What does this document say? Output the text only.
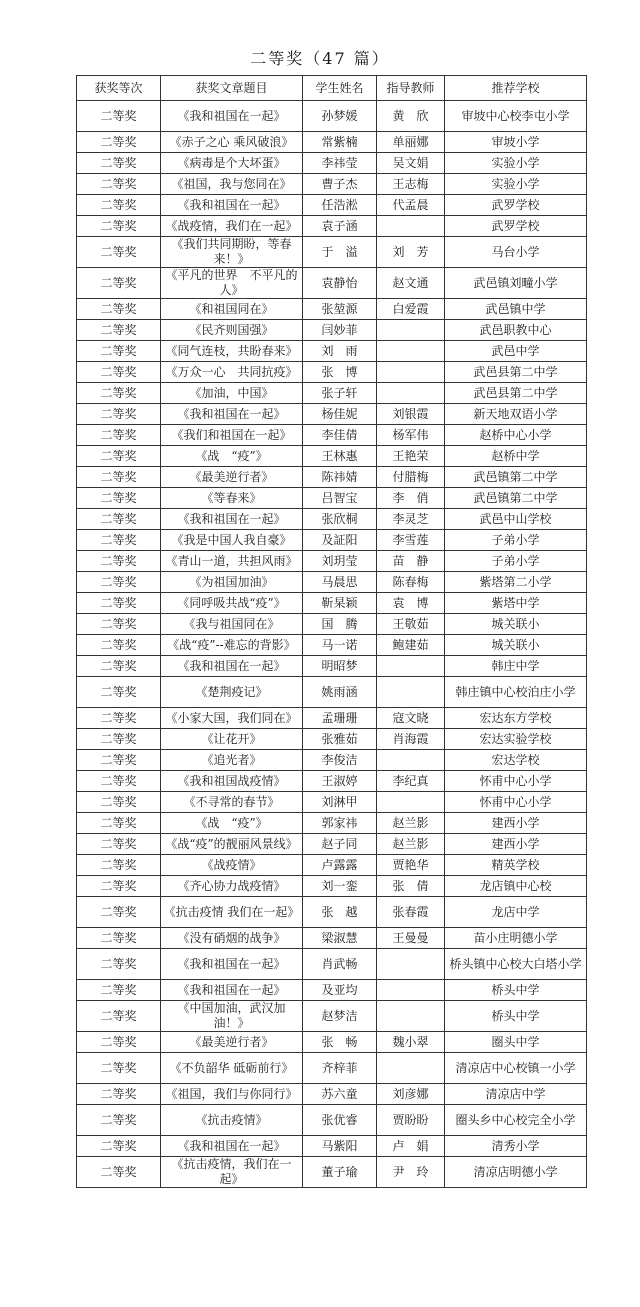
二等奖（47 篇）
获奖等次	获奖文章题目	学生姓名	指导教师	推荐学校
二等奖	《我和祖国在一起》	孙梦媛	黄　欣	审坡中心校李屯小学
二等奖	《赤子之心 乘风破浪》	常紫楠	单丽娜	审坡小学
二等奖	《病毒是个大坏蛋》	李祎莹	吴文娟	实验小学
二等奖	《祖国，我与您同在》	曹子杰	王志梅	实验小学
二等奖	《我和祖国在一起》	任浩淞	代孟晨	武罗学校
二等奖	《战疫情，我们在一起》	袁子涵		武罗学校
二等奖	《我们共同期盼，等春来！》	于　溢	刘　芳	马台小学
二等奖	《平凡的世界　不平凡的人》	袁静怡	赵文通	武邑镇刘疃小学
二等奖	《和祖国同在》	张堃源	白爱霞	武邑镇中学
二等奖	《民齐则国强》	闫妙菲		武邑职教中心
二等奖	《同气连枝，共盼春来》	刘　雨		武邑中学
二等奖	《万众一心　共同抗疫》	张　博		武邑县第二中学
二等奖	《加油，中国》	张子轩		武邑县第二中学
二等奖	《我和祖国在一起》	杨佳妮	刘银霞	新天地双语小学
二等奖	《我们和祖国在一起》	李佳倩	杨军伟	赵桥中心小学
二等奖	《战　“疫”》	王林惠	王艳荣	赵桥中学
二等奖	《最美逆行者》	陈祎婧	付腊梅	武邑镇第二中学
二等奖	《等春来》	吕智宝	李　俏	武邑镇第二中学
二等奖	《我和祖国在一起》	张欣桐	李灵芝	武邑中山学校
二等奖	《我是中国人我自豪》	及証阳	李雪莲	子弟小学
二等奖	《青山一道，共担风雨》	刘玥莹	苗　静	子弟小学
二等奖	《为祖国加油》	马晨思	陈春梅	紫塔第二小学
二等奖	《同呼吸共战“疫”》	靳杲颖	袁　博	紫塔中学
二等奖	《我与祖国同在》	国　腾	王敬茹	城关联小
二等奖	《战“疫”--难忘的背影》	马一诺	鲍建茹	城关联小
二等奖	《我和祖国在一起》	明昭梦		韩庄中学
二等奖	《楚荆疫记》	姚雨涵		韩庄镇中心校泊庄小学
二等奖	《小家大国，我们同在》	孟珊珊	寇文晓	宏达东方学校
二等奖	《让花开》	张雅茹	肖海霞	宏达实验学校
二等奖	《追光者》	李俊洁		宏达学校
二等奖	《我和祖国战疫情》	王淑婷	李纪真	怀甫中心小学
二等奖	《不寻常的春节》	刘淋甲		怀甫中心小学
二等奖	《战　“疫”》	郭家祎	赵兰影	建西小学
二等奖	《战“疫”的靓丽风景线》	赵子同	赵兰影	建西小学
二等奖	《战疫情》	卢露露	贾艳华	精英学校
二等奖	《齐心协力战疫情》	刘一銮	张　倩	龙店镇中心校
二等奖	《抗击疫情 我们在一起》	张　越	张春霞	龙店中学
二等奖	《没有硝烟的战争》	梁淑慧	王曼曼	苗小庄明德小学
二等奖	《我和祖国在一起》	肖武畅		桥头镇中心校大白塔小学
二等奖	《我和祖国在一起》	及亚均		桥头中学
二等奖	《中国加油，武汉加油！》	赵梦洁		桥头中学
二等奖	《最美逆行者》	张　畅	魏小翠	圈头中学
二等奖	《不负韶华 砥砺前行》	齐梓菲		清凉店中心校镇一小学
二等奖	《祖国，我们与你同行》	苏六童	刘彦娜	清凉店中学
二等奖	《抗击疫情》	张优睿	贾盼盼	圈头乡中心校完全小学
二等奖	《我和祖国在一起》	马紫阳	卢　娟	清秀小学
二等奖	《抗击疫情，我们在一起》	董子瑜	尹　玲	清凉店明德小学
